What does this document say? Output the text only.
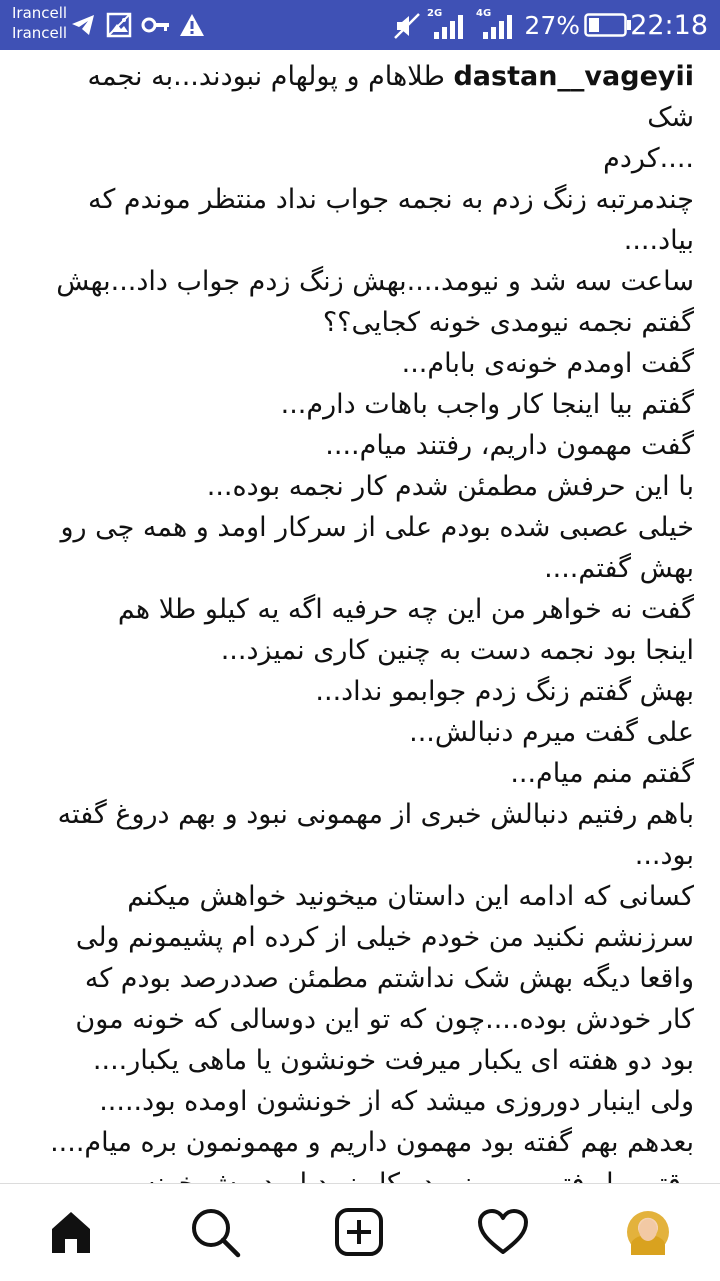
Irancell
Irancell
2G	4G 27% 22:18

dastan__vageyii طلاهام و پولهام نبودند...به نجمه شک
....کردم
چندمرتبه زنگ زدم به نجمه جواب نداد منتظر موندم که
بیاد....
ساعت سه شد و نیومد....بهش زنگ زدم جواب داد...بهش
گفتم نجمه نیومدی خونه کجایی؟؟
گفت اومدم خونه‌ی بابام...
گفتم بیا اینجا کار واجب باهات دارم...
گفت مهمون داریم، رفتند میام....
با این حرفش مطمئن شدم کار نجمه بوده...
خیلی عصبی شده بودم علی از سرکار اومد و همه چی رو
بهش گفتم....
گفت نه خواهر من این چه حرفیه اگه یه کیلو طلا هم
اینجا بود نجمه دست به چنین کاری نمیزد...
بهش گفتم زنگ زدم جوابمو نداد...
علی گفت میرم دنبالش...
گفتم منم میام...
باهم رفتیم دنبالش خبری از مهمونی نبود و بهم دروغ گفته
بود...
کسانی که ادامه این داستان میخونید خواهش میکنم
سرزنشم نکنید من خودم خیلی از کرده ام پشیمونم ولی
واقعا دیگه بهش شک نداشتم مطمئن صددرصد بودم که
کار خودش بوده....چون که تو این دوسالی که خونه مون
بود دو هفته ای یکبار میرفت خونشون یا ماهی یکبار....
ولی اینبار دوروزی میشد که از خونشون اومده بود.....
بعدهم بهم گفته بود مهمون داریم و مهمونمون بره میام....
